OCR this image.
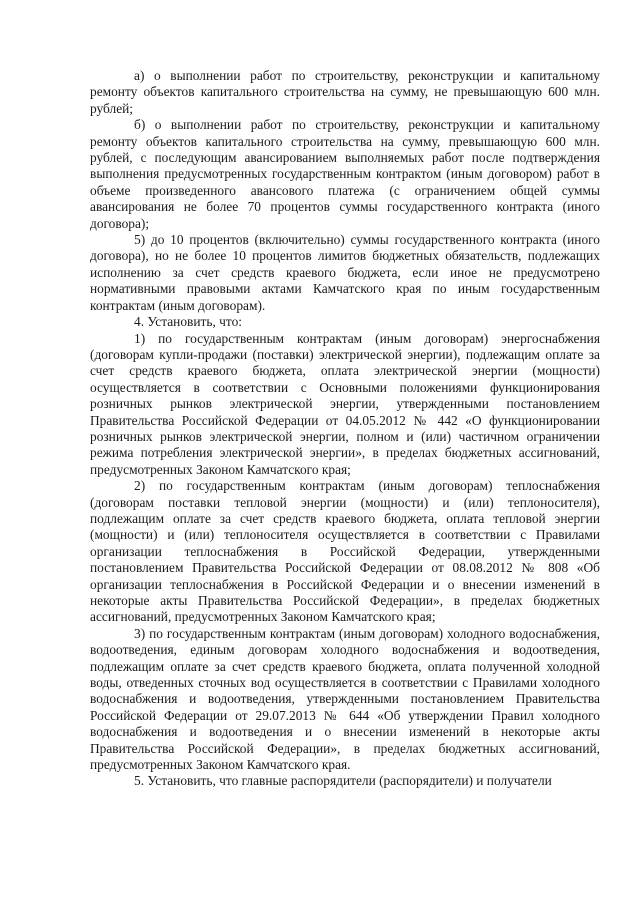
а) о выполнении работ по строительству, реконструкции и капитальному ремонту объектов капитального строительства на сумму, не превышающую 600 млн. рублей;

б) о выполнении работ по строительству, реконструкции и капитальному ремонту объектов капитального строительства на сумму, превышающую 600 млн. рублей, с последующим авансированием выполняемых работ после подтверждения выполнения предусмотренных государственным контрактом (иным договором) работ в объеме произведенного авансового платежа (с ограничением общей суммы авансирования не более 70 процентов суммы государственного контракта (иного договора);

5) до 10 процентов (включительно) суммы государственного контракта (иного договора), но не более 10 процентов лимитов бюджетных обязательств, подлежащих исполнению за счет средств краевого бюджета, если иное не предусмотрено нормативными правовыми актами Камчатского края по иным государственным контрактам (иным договорам).

4. Установить, что:

1) по государственным контрактам (иным договорам) энергоснабжения (договорам купли-продажи (поставки) электрической энергии), подлежащим оплате за счет средств краевого бюджета, оплата электрической энергии (мощности) осуществляется в соответствии с Основными положениями функционирования розничных рынков электрической энергии, утвержденными постановлением Правительства Российской Федерации от 04.05.2012 № 442 «О функционировании розничных рынков электрической энергии, полном и (или) частичном ограничении режима потребления электрической энергии», в пределах бюджетных ассигнований, предусмотренных Законом Камчатского края;

2) по государственным контрактам (иным договорам) теплоснабжения (договорам поставки тепловой энергии (мощности) и (или) теплоносителя), подлежащим оплате за счет средств краевого бюджета, оплата тепловой энергии (мощности) и (или) теплоносителя осуществляется в соответствии с Правилами организации теплоснабжения в Российской Федерации, утвержденными постановлением Правительства Российской Федерации от 08.08.2012 № 808 «Об организации теплоснабжения в Российской Федерации и о внесении изменений в некоторые акты Правительства Российской Федерации», в пределах бюджетных ассигнований, предусмотренных Законом Камчатского края;

3) по государственным контрактам (иным договорам) холодного водоснабжения, водоотведения, единым договорам холодного водоснабжения и водоотведения, подлежащим оплате за счет средств краевого бюджета, оплата полученной холодной воды, отведенных сточных вод осуществляется в соответствии с Правилами холодного водоснабжения и водоотведения, утвержденными постановлением Правительства Российской Федерации от 29.07.2013 № 644 «Об утверждении Правил холодного водоснабжения и водоотведения и о внесении изменений в некоторые акты Правительства Российской Федерации», в пределах бюджетных ассигнований, предусмотренных Законом Камчатского края.

5. Установить, что главные распорядители (распорядители) и получатели
